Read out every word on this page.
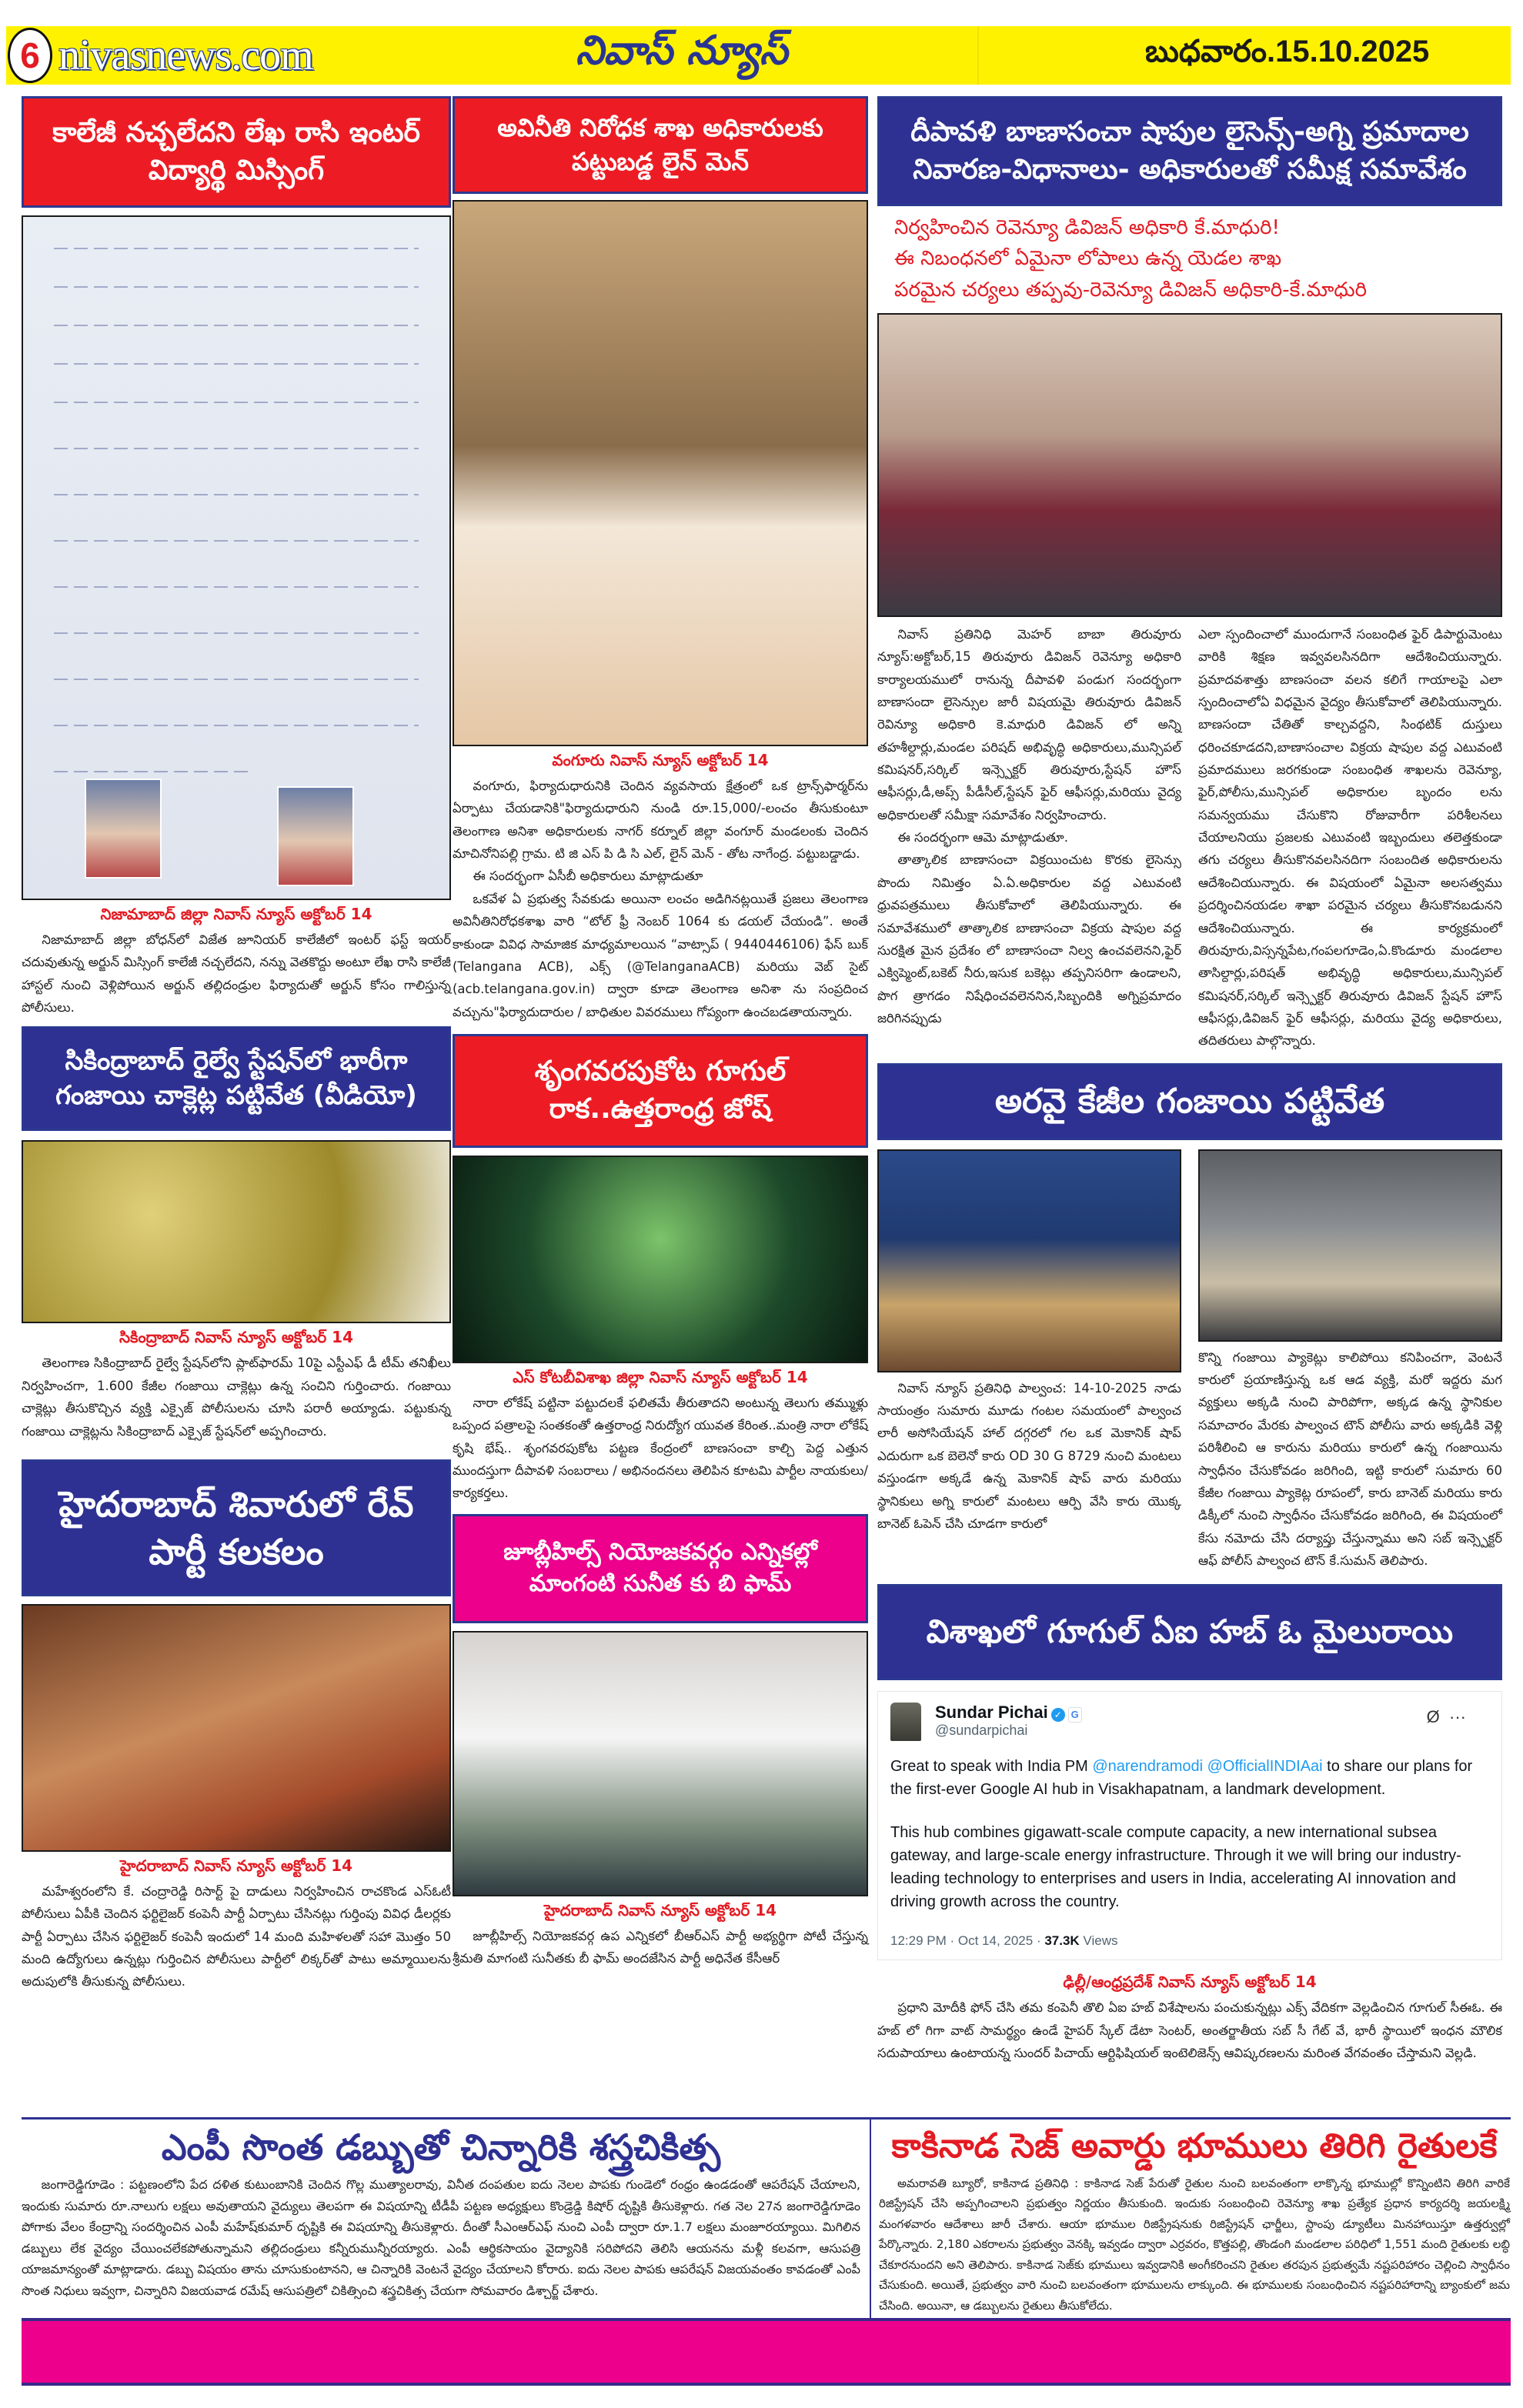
6 nivasnews.com	నివాస్ న్యూస్	బుధవారం.15.10.2025
కాలేజీ నచ్చలేదని లేఖ రాసి ఇంటర్ విద్యార్థి మిస్సింగ్
నిజామాబాద్ జిల్లా నివాస్ న్యూస్ అక్టోబర్ 14
నిజామాబాద్ జిల్లా బోధన్‌లో విజేత జూనియర్ కాలేజీలో ఇంటర్ ఫస్ట్ ఇయర్ చదువుతున్న అర్జున్ మిస్సింగ్ కాలేజీ నచ్చలేదని, నన్ను వెతకొద్దు అంటూ లేఖ రాసి కాలేజీ హాస్టల్ నుంచి వెళ్లిపోయిన అర్జున్ తల్లిదండ్రుల ఫిర్యాదుతో అర్జున్ కోసం గాలిస్తున్న పోలీసులు.
సికింద్రాబాద్ రైల్వే స్టేషన్‌లో భారీగా గంజాయి చాక్లెట్ల పట్టివేత (వీడియో)
సికింద్రాబాద్ నివాస్ న్యూస్ అక్టోబర్ 14
తెలంగాణ సికింద్రాబాద్ రైల్వే స్టేషన్‌లోని ప్లాట్‌ఫారమ్ 10పై ఎస్టీఎఫ్ డీ టీమ్ తనిఖీలు నిర్వహించగా, 1.600 కేజీల గంజాయి చాక్లెట్లు ఉన్న సంచిని గుర్తించారు. గంజాయి చాక్లెట్లు తీసుకొచ్చిన వ్యక్తి ఎక్సైజ్ పోలీసులను చూసి పరారీ అయ్యాడు. పట్టుకున్న గంజాయి చాక్లెట్లను సికింద్రాబాద్ ఎక్సైజ్ స్టేషన్‌లో అప్పగించారు.
హైదరాబాద్ శివారులో రేవ్ పార్టీ కలకలం
హైదరాబాద్ నివాస్ న్యూస్ అక్టోబర్ 14
మహేశ్వరంలోని కే. చంద్రారెడ్డి రిసార్ట్ పై దాడులు నిర్వహించిన రాచకొండ ఎస్‌ఓటీ పోలీసులు ఏపీకి చెందిన ఫర్టిలైజర్ కంపెనీ పార్టీ ఏర్పాటు చేసినట్లు గుర్తింపు వివిధ డీలర్లకు పార్టీ ఏర్పాటు చేసిన ఫర్టిలైజర్ కంపెనీ ఇందులో 14 మంది మహిళలతో సహా మొత్తం 50 మంది ఉద్యోగులు ఉన్నట్లు గుర్తించిన పోలీసులు పార్టీలో లిక్కర్‌తో పాటు అమ్మాయిలను అదుపులోకి తీసుకున్న పోలీసులు.
అవినీతి నిరోధక శాఖ అధికారులకు పట్టుబడ్డ లైన్ మెన్
వంగూరు నివాస్ న్యూస్ అక్టోబర్ 14
వంగూరు, ఫిర్యాదుధారునికి చెందిన వ్యవసాయ క్షేత్రంలో ఒక ట్రాన్స్‌ఫార్మర్‌ను ఏర్పాటు చేయడానికి"ఫిర్యాదుధారుని నుండి రూ.15,000/-లంచం తీసుకుంటూ తెలంగాణ అనిశా అధికారులకు నాగర్ కర్నూల్ జిల్లా వంగూర్ మండలంకు చెందిన మాచినోనిపల్లి గ్రామ. టి జి ఎస్ పి డి సి ఎల్, లైన్ మెన్ - తోట నాగేంద్ర. పట్టుబడ్డాడు.
ఈ సందర్భంగా ఏసీబీ అధికారులు మాట్లాడుతూ
ఒకవేళ ఏ ప్రభుత్వ సేవకుడు అయినా లంచం అడిగినట్లయితే ప్రజలు తెలంగాణ అవినీతినిరోధకశాఖ వారి “టోల్ ఫ్రీ నెంబర్ 1064 కు డయల్ చేయండి”. అంతే కాకుండా వివిధ సామాజిక మాధ్యమాలయిన “వాట్సాప్ ( 9440446106) ఫేస్ బుక్ (Telangana ACB), ఎక్స్ (@TelanganaACB) మరియు వెబ్ సైట్ (acb.telangana.gov.in) ద్వారా కూడా తెలంగాణ అనిశా ను సంప్రదించ వచ్చును"ఫిర్యాదుదారుల / బాధితుల వివరములు గోప్యంగా ఉంచబడతాయన్నారు.
శృంగవరపుకోట గూగుల్ రాక..ఉత్తరాంధ్ర జోష్
ఎస్ కోటబీవిశాఖ జిల్లా నివాస్ న్యూస్ అక్టోబర్ 14
నారా లోకేష్ పట్టినా పట్టుదలకే ఫలితమే తీరుతాదని అంటున్న తెలుగు తమ్ముళ్లు ఒప్పంద పత్రాలపై సంతకంతో ఉత్తరాంధ్ర నిరుద్యోగ యువత కేరింత..మంత్రి నారా లోకేష్ కృషి భేష్.. శృంగవరపుకోట పట్టణ కేంద్రంలో బాణసంచా కాల్చి పెద్ద ఎత్తున ముందస్తుగా దీపావళి సంబరాలు / అభినందనలు తెలిపిన కూటమి పార్టీల నాయకులు/ కార్యకర్తలు.
జూబ్లీహిల్స్ నియోజకవర్గం ఎన్నికల్లో మాంగంటి సునీత కు బి ఫామ్
హైదరాబాద్ నివాస్ న్యూస్ అక్టోబర్ 14
జూబ్లీహిల్స్ నియోజకవర్గ ఉప ఎన్నికలో బీఆర్ఎస్ పార్టీ అభ్యర్థిగా పోటీ చేస్తున్న శ్రీమతి మాగంటి సునీతకు బీ ఫామ్ అందజేసిన పార్టీ అధినేత కేసీఆర్
దీపావళి బాణాసంచా షాపుల లైసెన్స్-అగ్ని ప్రమాదాల నివారణ-విధానాలు- అధికారులతో సమీక్ష సమావేశం
నిర్వహించిన రెవెన్యూ డివిజన్ అధికారి కే.మాధురి!
ఈ నిబంధనలో ఏమైనా లోపాలు ఉన్న యెడల శాఖ
పరమైన చర్యలు తప్పవు-రెవెన్యూ డివిజన్ అధికారి-కే.మాధురి
నివాస్ ప్రతినిధి మెహర్ బాబా తిరువూరు న్యూస్:అక్టోబర్,15 తిరువూరు డివిజన్ రెవెన్యూ అధికారి కార్యాలయములో రానున్న దీపావళి పండుగ సందర్భంగా బాణాసందా లైసెన్సుల జారీ విషయమై తిరువూరు డివిజన్ రెవిన్యూ అధికారి కె.మాధురి డివిజన్ లో అన్ని తహశీల్దార్లు,మండల పరిషద్ అభివృద్ధి అధికారులు,మున్సిపల్ కమిషనర్,సర్కిల్ ఇన్స్పెక్టర్ తిరువూరు,స్టేషన్ హౌస్ ఆఫీసర్లు,డీ,అప్స్ పీడీసీల్,స్టేషన్ ఫైర్ ఆఫీసర్లు,మరియు వైద్య అధికారులతో సమీక్షా సమావేశం నిర్వహించారు.
ఈ సందర్భంగా ఆమె మాట్లాడుతూ.
తాత్కాలిక బాణాసంచా విక్రయించుట కొరకు లైసెన్సు పొందు నిమిత్తం ఏ.ఏ.అధికారుల వద్ద ఎటువంటి ధ్రువపత్రములు తీసుకోవాలో తెలిపియున్నారు. ఈ సమావేశములో తాత్కాలిక బాణాసంచా విక్రయ షాపుల వద్ద సురక్షిత మైన ప్రదేశం లో బాణాసంచా నిల్వ ఉంచవలెనని,ఫైర్ ఎక్విప్మెంట్,బకెట్ నీరు,ఇసుక బకెట్లు తప్పనిసరిగా ఉండాలని, పొగ త్రాగడం నిషేధించవలెననిన,సిబ్బందికి అగ్నిప్రమాదం జరిగినప్పుడు
ఎలా స్పందించాలో ముందుగానే సంబంధిత ఫైర్ డిపార్టుమెంటు వారికి శిక్షణ ఇవ్వవలసినదిగా ఆదేశించియున్నారు. ప్రమాదవశాత్తు బాణసంచా వలన కలిగే గాయాలపై ఎలా స్పందించాలోఏ విధమైన వైద్యం తీసుకోవాలో తెలిపియున్నారు. బాణసందా చేతితో కాల్చవద్దని, సింథటిక్ దుస్తులు ధరించకూడదని,బాణాసంచాల విక్రయ షాపుల వద్ద ఎటువంటి ప్రమాదములు జరగకుండా సంబంధిత శాఖలను రెవెన్యూ, ఫైర్,పోలీసు,మున్సిపల్ అధికారుల బృందం లను సమన్వయము చేసుకొని రోజువారీగా పరిశీలనలు చేయాలనియు ప్రజలకు ఎటువంటి ఇబ్బందులు తలెత్తకుండా తగు చర్యలు తీసుకొనవలసినదిగా సంబందిత అధికారులను ఆదేశించియున్నారు. ఈ విషయంలో ఏమైనా అలసత్వము ప్రదర్శించినయడల శాఖా పరమైన చర్యలు తీసుకొనబడునని ఆదేశించియున్నారు. ఈ కార్యక్రమంలో తిరువూరు,విస్సన్నపేట,గంపలగూడెం,ఏ.కొండూరు మండలాల తాసిల్దార్లు,పరిషత్ అభివృద్ధి అధికారులు,మున్సిపల్ కమిషనర్,సర్కిల్ ఇన్స్పెక్టర్ తిరువూరు డివిజన్ స్టేషన్ హౌస్ ఆఫీసర్లు,డివిజన్ ఫైర్ ఆఫీసర్లు, మరియు వైద్య అధికారులు, తదితరులు పాల్గొన్నారు.
అరవై కేజీల గంజాయి పట్టివేత
నివాస్ న్యూస్ ప్రతినిధి పాల్వంచ: 14-10-2025 నాడు సాయంత్రం సుమారు మూడు గంటల సమయంలో పాల్వంచ లారీ అసోసియేషన్ హాల్ దగ్గరలో గల ఒక మెకానిక్ షాప్ ఎదురుగా ఒక బెలెనో కారు OD 30 G 8729 నుంచి మంటలు వస్తుండగా అక్కడే ఉన్న మెకానిక్ షాప్ వారు మరియు స్థానికులు అగ్ని కారులో మంటలు ఆర్పి వేసి కారు యొక్క బానెట్ ఓపెన్ చేసి చూడగా కారులో
కొన్ని గంజాయి ప్యాకెట్లు కాలిపోయి కనిపించగా, వెంటనే కారులో ప్రయాణిస్తున్న ఒక ఆడ వ్యక్తి, మరో ఇద్దరు మగ వ్యక్తులు అక్కడి నుంచి పారిపోగా, అక్కడ ఉన్న స్థానికుల సమాచారం మేరకు పాల్వంచ టౌన్ పోలీసు వారు అక్కడికి వెళ్లి పరిశీలించి ఆ కారును మరియు కారులో ఉన్న గంజాయిను స్వాధీనం చేసుకోవడం జరిగింది, ఇట్టి కారులో సుమారు 60 కేజీల గంజాయి ప్యాకెట్ల రూపంలో, కారు బానెట్ మరియు కారు డిక్కీలో నుంచి స్వాధీనం చేసుకోవడం జరిగింది, ఈ విషయంలో కేసు నమోదు చేసి దర్యాప్తు చేస్తున్నాము అని సబ్ ఇన్స్పెక్టర్ ఆఫ్ పోలీస్ పాల్వంచ టౌన్ కే.సుమన్ తెలిపారు.
విశాఖలో గూగుల్ ఏఐ హబ్ ఓ మైలురాయి
Sundar Pichai ✓ G
@sundarpichai
Ø ···

Great to speak with India PM @narendramodi @OfficialINDIAai to share our plans for the first-ever Google AI hub in Visakhapatnam, a landmark development.

This hub combines gigawatt-scale compute capacity, a new international subsea gateway, and large-scale energy infrastructure. Through it we will bring our industry-leading technology to enterprises and users in India, accelerating AI innovation and driving growth across the country.

12:29 PM · Oct 14, 2025 · 37.3K Views
ఢిల్లీ/ఆంధ్రప్రదేశ్ నివాస్ న్యూస్ అక్టోబర్ 14
ప్రధాని మోదీకి ఫోన్ చేసి తమ కంపెనీ తొలి ఏఐ హబ్ విశేషాలను పంచుకున్నట్లు ఎక్స్ వేదికగా వెల్లడించిన గూగుల్ సీఈఓ. ఈ హబ్ లో గిగా వాట్ సామర్థ్యం ఉండే హైపర్ స్కేల్ డేటా సెంటర్, అంతర్జాతీయ సబ్ సీ గేట్ వే, భారీ స్థాయిలో ఇంధన మౌలిక సదుపాయాలు ఉంటాయన్న సుందర్ పిచాయ్ ఆర్టిఫిషియల్ ఇంటెలిజెన్స్ ఆవిష్కరణలను మరింత వేగవంతం చేస్తామని వెల్లడి.
ఎంపీ సొంత డబ్బుతో చిన్నారికి శస్త్రచికిత్స
జంగారెడ్డిగూడెం : పట్టణంలోని పేద దళిత కుటుంబానికి చెందిన గొల్ల ముత్యాలరావు, వినీత దంపతుల ఐదు నెలల పాపకు గుండెలో రంధ్రం ఉండడంతో ఆపరేషన్ చేయాలని, ఇందుకు సుమారు రూ.నాలుగు లక్షలు అవుతాయని వైద్యులు తెలపగా ఈ విషయాన్ని టీడీపీ పట్టణ అధ్యక్షులు కొండ్రెడ్డి కిషోర్ దృష్టికి తీసుకెళ్లారు. గత నెల 27న జంగారెడ్డిగూడెం పోగాకు వేలం కేంద్రాన్ని సందర్శించిన ఎంపీ మహేష్‌కుమార్ దృష్టికి ఈ విషయాన్ని తీసుకెళ్లారు. దీంతో సీఎంఆర్‌ఎఫ్ నుంచి ఎంపీ ద్వారా రూ.1.7 లక్షలు మంజూరయ్యాయి. మిగిలిన డబ్బులు లేక వైద్యం చేయించలేకపోతున్నామని తల్లిదండ్రులు కన్నీరుమున్నీరయ్యారు. ఎంపీ ఆర్థికసాయం వైద్యానికి సరిపోదని తెలిసి ఆయనను మళ్లీ కలవగా, ఆసుపత్రి యాజమాన్యంతో మాట్లాడారు. డబ్బు విషయం తాను చూసుకుంటానని, ఆ చిన్నారికి వెంటనే వైద్యం చేయాలని కోరారు. ఐదు నెలల పాపకు ఆపరేషన్ విజయవంతం కావడంతో ఎంపీ సొంత నిధులు ఇవ్వగా, చిన్నారిని విజయవాడ రమేష్ ఆసుపత్రిలో చికిత్సించి శస్త్రచికిత్స చేయగా సోమవారం డిశ్చార్జ్ చేశారు.
కాకినాడ సెజ్ అవార్డు భూములు తిరిగి రైతులకే
అమరావతి బ్యూరో, కాకినాడ ప్రతినిధి : కాకినాడ సెజ్ పేరుతో రైతుల నుంచి బలవంతంగా లాక్కొన్న భూముల్లో కొన్నింటిని తిరిగి వారికే రిజిస్ట్రేషన్ చేసి అప్పగించాలని ప్రభుత్వం నిర్ణయం తీసుకుంది. ఇందుకు సంబంధించి రెవెన్యూ శాఖ ప్రత్యేక ప్రధాన కార్యదర్శి జయలక్ష్మి మంగళవారం ఆదేశాలు జారీ చేశారు. ఆయా భూముల రిజిస్ట్రేషనుకు రిజిస్ట్రేషన్ ఛార్జీలు, స్టాంపు డ్యూటీలు మినహాయిస్తూ ఉత్తర్వుల్లో పేర్కొన్నారు. 2,180 ఎకరాలను ప్రభుత్వం వెనక్కి ఇవ్వడం ద్వారా ఎర్రవరం, కొత్తపల్లి, తొండంగి మండలాల పరిధిలో 1,551 మంది రైతులకు లబ్ధి చేకూరనుందని అని తెలిపారు. కాకినాడ సెజ్‌కు భూములు ఇవ్వడానికి అంగీకరించని రైతుల తరపున ప్రభుత్వమే నష్టపరిహారం చెల్లించి స్వాధీనం చేసుకుంది. అయితే, ప్రభుత్వం వారి నుంచి బలవంతంగా భూములను లాక్కుంది. ఈ భూములకు సంబంధించిన నష్టపరిహారాన్ని బ్యాంకులో జమ చేసింది. అయినా, ఆ డబ్బులను రైతులు తీసుకోలేదు.
